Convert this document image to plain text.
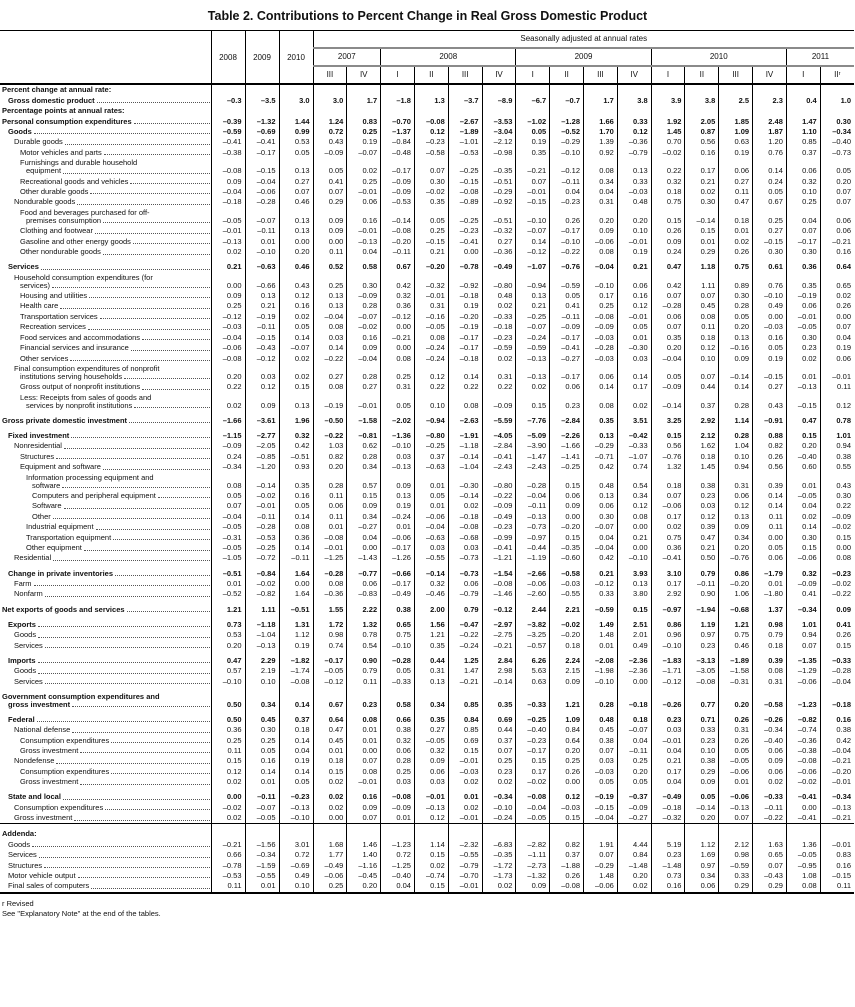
Table 2. Contributions to Percent Change in Real Gross Domestic Product
	2008	2009	2010	Seasonally adjusted at annual rates															
				2007		2008				2009				2010				2011	
				III	IV	I	II	III	IV	I	II	III	IV	I	II	III	IV	I	IIʳ

Percent change at annual rate:																			

Gross domestic product	–0.3	–3.5	3.0	3.0	1.7	–1.8	1.3	–3.7	–8.9	–6.7	–0.7	1.7	3.8	3.9	3.8	2.5	2.3	0.4	1.0

Percentage points at annual rates:																			

Personal consumption expenditures	–0.39	–1.32	1.44	1.24	0.83	–0.70	–0.08	–2.67	–3.53	–1.02	–1.28	1.66	0.33	1.92	2.05	1.85	2.48	1.47	0.30

Goods	–0.59	–0.69	0.99	0.72	0.25	–1.37	0.12	–1.89	–3.04	0.05	–0.52	1.70	0.12	1.45	0.87	1.09	1.87	1.10	–0.34

Durable goods	–0.41	–0.41	0.53	0.43	0.19	–0.84	–0.23	–1.01	–2.12	0.19	–0.29	1.39	–0.36	0.70	0.56	0.63	1.20	0.85	–0.40

Motor vehicles and parts	–0.38	–0.17	0.05	–0.09	–0.07	–0.48	–0.58	–0.53	–0.98	0.35	–0.10	0.92	–0.79	–0.02	0.16	0.19	0.76	0.37	–0.73

Furnishings and durable household
equipment	–0.08	–0.15	0.13	0.05	0.02	–0.17	0.07	–0.25	–0.35	–0.21	–0.12	0.08	0.13	0.22	0.17	0.06	0.14	0.06	0.05

Recreational goods and vehicles	0.09	–0.04	0.27	0.41	0.25	–0.09	0.30	–0.15	–0.51	0.07	–0.11	0.34	0.33	0.32	0.21	0.27	0.24	0.32	0.20

Other durable goods	–0.04	–0.06	0.07	0.07	–0.01	–0.09	–0.02	–0.08	–0.29	–0.01	0.04	0.04	–0.03	0.18	0.02	0.11	0.05	0.10	0.07

Nondurable goods	–0.18	–0.28	0.46	0.29	0.06	–0.53	0.35	–0.89	–0.92	–0.15	–0.23	0.31	0.48	0.75	0.30	0.47	0.67	0.25	0.07

Food and beverages purchased for off-
premises consumption	–0.05	–0.07	0.13	0.09	0.16	–0.14	0.05	–0.25	–0.51	–0.10	0.26	0.20	0.20	0.15	–0.14	0.18	0.25	0.04	0.06

Clothing and footwear	–0.01	–0.11	0.13	0.09	–0.01	–0.08	0.25	–0.23	–0.32	–0.07	–0.17	0.09	0.10	0.26	0.15	0.01	0.27	0.07	0.06

Gasoline and other energy goods	–0.13	0.01	0.00	0.00	–0.13	–0.20	–0.15	–0.41	0.27	0.14	–0.10	–0.06	–0.01	0.09	0.01	0.02	–0.15	–0.17	–0.21

Other nondurable goods	0.02	–0.10	0.20	0.11	0.04	–0.11	0.21	0.00	–0.36	–0.12	–0.22	0.08	0.19	0.24	0.29	0.26	0.30	0.30	0.16

Services	0.21	–0.63	0.46	0.52	0.58	0.67	–0.20	–0.78	–0.49	–1.07	–0.76	–0.04	0.21	0.47	1.18	0.75	0.61	0.36	0.64

Household consumption expenditures (for
services)	0.00	–0.66	0.43	0.25	0.30	0.42	–0.32	–0.92	–0.80	–0.94	–0.59	–0.10	0.06	0.42	1.11	0.89	0.76	0.35	0.65

Housing and utilities	0.09	0.13	0.12	0.13	–0.09	0.32	–0.01	–0.18	0.48	0.13	0.05	0.17	0.16	0.07	0.07	0.30	–0.10	–0.19	0.02

Health care	0.25	0.21	0.16	0.13	0.28	0.36	0.31	0.19	0.02	0.21	0.41	0.25	0.12	–0.28	0.45	0.28	0.49	0.06	0.26

Transportation services	–0.12	–0.19	0.02	–0.04	–0.07	–0.12	–0.16	–0.20	–0.33	–0.25	–0.11	–0.08	–0.01	0.06	0.08	0.05	0.00	–0.01	0.00

Recreation services	–0.03	–0.11	0.05	0.08	–0.02	0.00	–0.05	–0.19	–0.18	–0.07	–0.09	–0.09	0.05	0.07	0.11	0.20	–0.03	–0.05	0.07

Food services and accommodations	–0.04	–0.15	0.14	0.03	0.16	–0.21	0.08	–0.17	–0.23	–0.24	–0.17	–0.03	0.01	0.35	0.18	0.13	0.16	0.30	0.04

Financial services and insurance	–0.06	–0.43	–0.07	0.14	0.09	0.00	–0.24	–0.17	–0.59	–0.59	–0.41	–0.28	–0.30	0.20	0.12	–0.16	0.05	0.23	0.19

Other services	–0.08	–0.12	0.02	–0.22	–0.04	0.08	–0.24	–0.18	0.02	–0.13	–0.27	–0.03	0.03	–0.04	0.10	0.09	0.19	0.02	0.06

Final consumption expenditures of nonprofit
institutions serving households	0.20	0.03	0.02	0.27	0.28	0.25	0.12	0.14	0.31	–0.13	–0.17	0.06	0.14	0.05	0.07	–0.14	–0.15	0.01	–0.01

Gross output of nonprofit institutions	0.22	0.12	0.15	0.08	0.27	0.31	0.22	0.22	0.22	0.02	0.06	0.14	0.17	–0.09	0.44	0.14	0.27	–0.13	0.11

Less: Receipts from sales of goods and
services by nonprofit institutions	0.02	0.09	0.13	–0.19	–0.01	0.05	0.10	0.08	–0.09	0.15	0.23	0.08	0.02	–0.14	0.37	0.28	0.43	–0.15	0.12

Gross private domestic investment	–1.66	–3.61	1.96	–0.50	–1.58	–2.02	–0.94	–2.63	–5.59	–7.76	–2.84	0.35	3.51	3.25	2.92	1.14	–0.91	0.47	0.78

Fixed investment	–1.15	–2.77	0.32	–0.22	–0.81	–1.36	–0.80	–1.91	–4.05	–5.09	–2.26	0.13	–0.42	0.15	2.12	0.28	0.88	0.15	1.01

Nonresidential	–0.09	–2.05	0.42	1.03	0.62	–0.10	–0.25	–1.18	–2.84	–3.90	–1.66	–0.29	–0.33	0.56	1.62	1.04	0.82	0.20	0.94

Structures	0.24	–0.85	–0.51	0.82	0.28	0.03	0.37	–0.14	–0.41	–1.47	–1.41	–0.71	–1.07	–0.76	0.18	0.10	0.26	–0.40	0.38

Equipment and software	–0.34	–1.20	0.93	0.20	0.34	–0.13	–0.63	–1.04	–2.43	–2.43	–0.25	0.42	0.74	1.32	1.45	0.94	0.56	0.60	0.55

Information processing equipment and
software	0.08	–0.14	0.35	0.28	0.57	0.09	0.01	–0.30	–0.80	–0.28	0.15	0.48	0.54	0.18	0.38	0.31	0.39	0.01	0.43

Computers and peripheral equipment	0.05	–0.02	0.16	0.11	0.15	0.13	0.05	–0.14	–0.22	–0.04	0.06	0.13	0.34	0.07	0.23	0.06	0.14	–0.05	0.30

Software	0.07	–0.01	0.05	0.06	0.09	0.19	0.01	0.02	–0.09	–0.11	0.09	0.06	0.12	–0.06	0.03	0.12	0.14	0.04	0.22

Other	–0.04	–0.11	0.14	0.11	0.34	–0.24	–0.06	–0.18	–0.49	–0.13	0.00	0.30	0.08	0.17	0.12	0.13	0.11	0.02	–0.09

Industrial equipment	–0.05	–0.28	0.08	0.01	–0.27	0.01	–0.04	–0.08	–0.23	–0.73	–0.20	–0.07	0.00	0.02	0.39	0.09	0.11	0.14	–0.02

Transportation equipment	–0.31	–0.53	0.36	–0.08	0.04	–0.06	–0.63	–0.68	–0.99	–0.97	0.15	0.04	0.21	0.75	0.47	0.34	0.00	0.30	0.15

Other equipment	–0.05	–0.25	0.14	–0.01	0.00	–0.17	0.03	0.03	–0.41	–0.44	–0.35	–0.04	0.00	0.36	0.21	0.20	0.05	0.15	0.00

Residential	–1.05	–0.72	–0.11	–1.25	–1.43	–1.26	–0.55	–0.73	–1.21	–1.19	–0.60	0.42	–0.10	–0.41	0.50	–0.76	0.06	–0.06	0.08

Change in private inventories	–0.51	–0.84	1.64	–0.28	–0.77	–0.66	–0.14	–0.73	–1.54	–2.66	–0.58	0.21	3.93	3.10	0.79	0.86	–1.79	0.32	–0.23

Farm	0.01	–0.02	0.00	0.08	0.06	–0.17	0.32	0.06	–0.08	–0.06	–0.03	–0.12	0.13	0.17	–0.11	–0.20	0.01	–0.09	–0.02

Nonfarm	–0.52	–0.82	1.64	–0.36	–0.83	–0.49	–0.46	–0.79	–1.46	–2.60	–0.55	0.33	3.80	2.92	0.90	1.06	–1.80	0.41	–0.22

Net exports of goods and services	1.21	1.11	–0.51	1.55	2.22	0.38	2.00	0.79	–0.12	2.44	2.21	–0.59	0.15	–0.97	–1.94	–0.68	1.37	–0.34	0.09

Exports	0.73	–1.18	1.31	1.72	1.32	0.65	1.56	–0.47	–2.97	–3.82	–0.02	1.49	2.51	0.86	1.19	1.21	0.98	1.01	0.41

Goods	0.53	–1.04	1.12	0.98	0.78	0.75	1.21	–0.22	–2.75	–3.25	–0.20	1.48	2.01	0.96	0.97	0.75	0.79	0.94	0.26

Services	0.20	–0.13	0.19	0.74	0.54	–0.10	0.35	–0.24	–0.21	–0.57	0.18	0.01	0.49	–0.10	0.23	0.46	0.18	0.07	0.15

Imports	0.47	2.29	–1.82	–0.17	0.90	–0.28	0.44	1.25	2.84	6.26	2.24	–2.08	–2.36	–1.83	–3.13	–1.89	0.39	–1.35	–0.33

Goods	0.57	2.19	–1.74	–0.05	0.79	0.05	0.31	1.47	2.98	5.63	2.15	–1.98	–2.36	–1.71	–3.05	–1.58	0.08	–1.29	–0.28

Services	–0.10	0.10	–0.08	–0.12	0.11	–0.33	0.13	–0.21	–0.14	0.63	0.09	–0.10	0.00	–0.12	–0.08	–0.31	0.31	–0.06	–0.04

Government consumption expenditures and
gross investment	0.50	0.34	0.14	0.67	0.23	0.58	0.34	0.85	0.35	–0.33	1.21	0.28	–0.18	–0.26	0.77	0.20	–0.58	–1.23	–0.18

Federal	0.50	0.45	0.37	0.64	0.08	0.66	0.35	0.84	0.69	–0.25	1.09	0.48	0.18	0.23	0.71	0.26	–0.26	–0.82	0.16

National defense	0.36	0.30	0.18	0.47	0.01	0.38	0.27	0.85	0.44	–0.40	0.84	0.45	–0.07	0.03	0.33	0.31	–0.34	–0.74	0.38

Consumption expenditures	0.25	0.25	0.14	0.45	0.01	0.32	–0.05	0.69	0.37	–0.23	0.64	0.38	0.04	–0.01	0.23	0.26	–0.40	–0.36	0.42

Gross investment	0.11	0.05	0.04	0.01	0.00	0.06	0.32	0.15	0.07	–0.17	0.20	0.07	–0.11	0.04	0.10	0.05	0.06	–0.38	–0.04

Nondefense	0.15	0.16	0.19	0.18	0.07	0.28	0.09	–0.01	0.25	0.15	0.25	0.03	0.25	0.21	0.38	–0.05	0.09	–0.08	–0.21

Consumption expenditures	0.12	0.14	0.14	0.15	0.08	0.25	0.06	–0.03	0.23	0.17	0.26	–0.03	0.20	0.17	0.29	–0.06	0.06	–0.06	–0.20

Gross investment	0.02	0.01	0.05	0.02	–0.01	0.03	0.03	0.02	0.02	–0.02	0.00	0.05	0.05	0.04	0.09	0.01	0.02	–0.02	–0.01

State and local	0.00	–0.11	–0.23	0.02	0.16	–0.08	–0.01	0.01	–0.34	–0.08	0.12	–0.19	–0.37	–0.49	0.05	–0.06	–0.33	–0.41	–0.34

Consumption expenditures	–0.02	–0.07	–0.13	0.02	0.09	–0.09	–0.13	0.02	–0.10	–0.04	–0.03	–0.15	–0.09	–0.18	–0.14	–0.13	–0.11	0.00	–0.13

Gross investment	0.02	–0.05	–0.10	0.00	0.07	0.01	0.12	–0.01	–0.24	–0.05	0.15	–0.04	–0.27	–0.32	0.20	0.07	–0.22	–0.41	–0.21

Addenda:																			

Goods	–0.21	–1.56	3.01	1.68	1.46	–1.23	1.14	–2.32	–6.83	–2.82	0.82	1.91	4.44	5.19	1.12	2.12	1.63	1.36	–0.01

Services	0.66	–0.34	0.72	1.77	1.40	0.72	0.15	–0.55	–0.35	–1.11	0.37	0.07	0.84	0.23	1.69	0.98	0.65	–0.05	0.83

Structures	–0.78	–1.59	–0.69	–0.49	–1.16	–1.25	0.02	–0.79	–1.72	–2.73	–1.88	–0.29	–1.48	–1.48	0.97	–0.59	0.07	–0.95	0.16

Motor vehicle output	–0.53	–0.55	0.49	–0.06	–0.45	–0.40	–0.74	–0.70	–1.73	–1.32	0.26	1.48	0.20	0.73	0.34	0.33	–0.43	1.08	–0.15

Final sales of computers	0.11	0.01	0.10	0.25	0.20	0.04	0.15	–0.01	0.02	0.09	–0.08	–0.06	0.02	0.16	0.06	0.29	0.29	0.08	0.11
r Revised
See "Explanatory Note" at the end of the tables.
